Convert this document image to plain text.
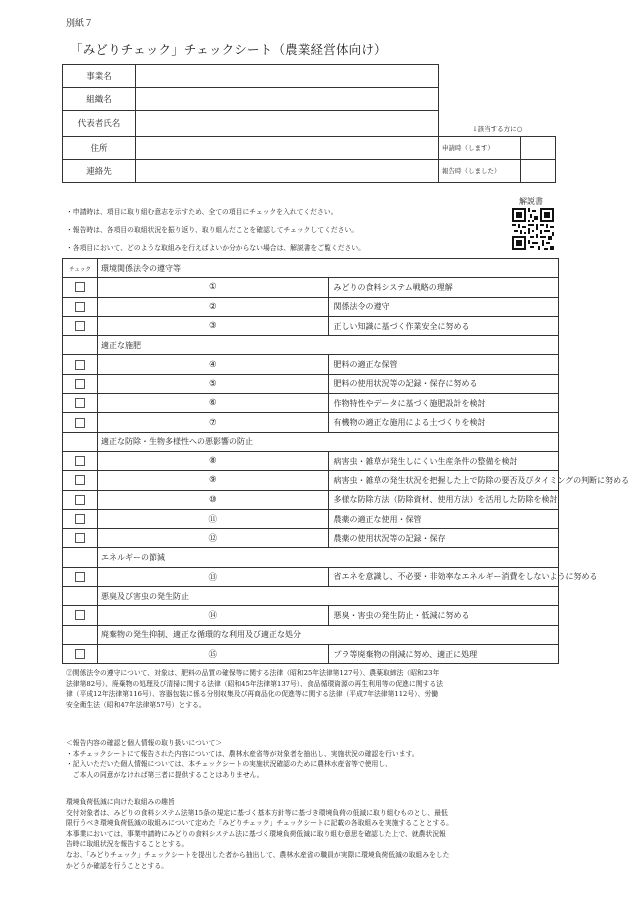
別紙７
「みどりチェック」チェックシート（農業経営体向け）
事業名			
組織名			
代表者氏名		↓該当する方に○	
住所		申請時（します）	
連絡先		報告時（しました）	
解説書
・申請時は、項目に取り組む意志を示すため、全ての項目にチェックを入れてください。
・報告時は、各項目の取組状況を振り返り、取り組んだことを確認してチェックしてください。
・各項目において、どのような取組みを行えばよいか分からない場合は、解説書をご覧ください。
チェック	環境関係法令の遵守等	
	①	みどりの食料システム戦略の理解
	②	関係法令の遵守
	③	正しい知識に基づく作業安全に努める
	適正な施肥	
	④	肥料の適正な保管
	⑤	肥料の使用状況等の記録・保存に努める
	⑥	作物特性やデータに基づく施肥設計を検討
	⑦	有機物の適正な施用による土づくりを検討
	適正な防除・生物多様性への悪影響の防止	
	⑧	病害虫・雑草が発生しにくい生産条件の整備を検討
	⑨	病害虫・雑草の発生状況を把握した上で防除の要否及びタイミングの判断に努める
	⑩	多様な防除方法（防除資材、使用方法）を活用した防除を検討
	⑪	農薬の適正な使用・保管
	⑫	農薬の使用状況等の記録・保存
	エネルギーの節減	
	⑬	省エネを意識し、不必要・非効率なエネルギー消費をしないように努める
	悪臭及び害虫の発生防止	
	⑭	悪臭・害虫の発生防止・低減に努める
	廃棄物の発生抑制、適正な循環的な利用及び適正な処分	
	⑮	プラ等廃棄物の削減に努め、適正に処理

②関係法令の遵守について、対象は、肥料の品質の確保等に関する法律（昭和25年法律第127号）、農薬取締法（昭和23年

法律第82号）、廃棄物の処理及び清掃に関する法律（昭和45年法律第137号）、食品循環資源の再生利用等の促進に関する法

律（平成12年法律第116号）、容器包装に係る分別収集及び再商品化の促進等に関する法律（平成7年法律第112号）、労働

安全衛生法（昭和47年法律第57号）とする。

＜報告内容の確認と個人情報の取り扱いについて＞

・本チェックシートにて報告された内容については、農林水産省等が対象者を抽出し、実施状況の確認を行います。

・記入いただいた個人情報については、本チェックシートの実施状況確認のために農林水産省等で使用し、

　ご本人の同意がなければ第三者に提供することはありません。

環境負荷低減に向けた取組みの趣旨

交付対象者は、みどりの食料システム法第15条の規定に基づく基本方針等に基づき環境負荷の低減に取り組むものとし、最低

限行うべき環境負荷低減の取組みについて定めた「みどりチェック」チェックシートに記載の各取組みを実施することとする。

本事業においては、事業申請時にみどりの食料システム法に基づく環境負荷低減に取り組む意思を確認した上で、就農状況報

告時に取組状況を報告することとする。

なお、「みどりチェック」チェックシートを提出した者から抽出して、農林水産省の職員が実際に環境負荷低減の取組みをした

かどうか確認を行うこととする。
